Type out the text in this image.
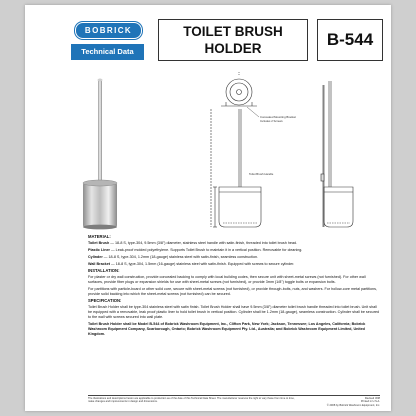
BOBRICK
Technical Data
TOILET BRUSH
HOLDER	B-544
Concealed Mounting Bracket
Includes 2 Screws
Toilet Brush Handle
MATERIAL:

Toilet Brush — 18-8 S, type-304, 9.5mm (3/8") diameter, stainless steel handle with satin-finish, threaded into toilet brush head.

Plastic Liner — Leak-proof molded polyethylene. Supports Toilet Brush to maintain it in a vertical position. Removable for cleaning.

Cylinder — 18-8 S, type-304, 1.2mm (18-gauge) stainless steel with satin-finish, seamless construction.

Wall Bracket — 18-8 S, type-304, 1.5mm (16-gauge) stainless steel with satin-finish. Equipped with screws to secure cylinder.

INSTALLATION:

For plaster or dry wall construction, provide concealed backing to comply with local building codes, then secure unit with sheet-metal screws (not furnished). For other wall surfaces, provide fiber plugs or expansion shields for use with sheet-metal screws (not furnished), or provide 3mm (1/8") toggle bolts or expansion bolts.

For partitions with particle-board or other solid core, secure with sheet-metal screws (not furnished), or provide through-bolts, nuts, and washers. For hollow-core metal partitions, provide solid backing into which the sheet-metal screws (not furnished) can be secured.

SPECIFICATION:

Toilet Brush Holder shall be type-304 stainless steel with satin finish. Toilet Brush Holder shall have 9.5mm (3/8") diameter toilet brush handle threaded into toilet brush. Unit shall be equipped with a removable, leak proof plastic liner to hold toilet brush in vertical position. Cylinder shall be 1.2mm (18-gauge), seamless construction. Cylinder shall be secured to the wall with screws secured into wall plate.

Toilet Brush Holder shall be Model B-544 of Bobrick Washroom Equipment, Inc., Clifton Park, New York; Jackson, Tennessee; Los Angeles, California; Bobrick Washroom Equipment Company, Scarborough, Ontario; Bobrick Washroom Equipment Pty. Ltd., Australia; and Bobrick Washroom Equipment Limited, United Kingdom.

The illustrations and descriptions herein are applicable to production as of the date of this Technical Data Sheet. The manufacturer reserves the right to vary these from time to time, make changes and improvements in design and dimensions.
Revised 3/08
Printed in U.S.A.
© 2008 by Bobrick Washroom Equipment, Inc.
